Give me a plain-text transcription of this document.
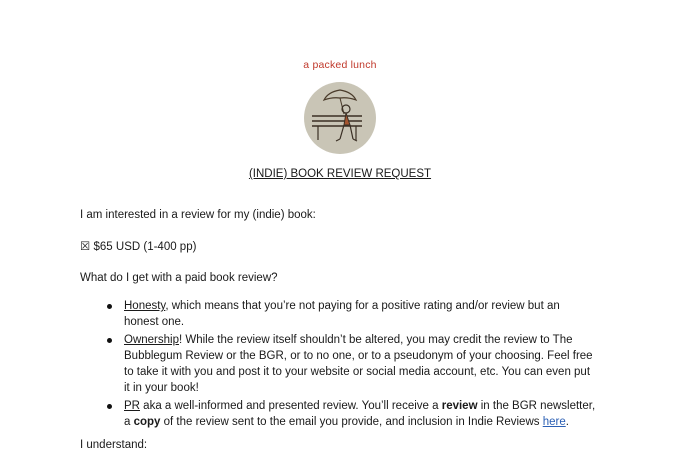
a packed lunch
(INDIE) BOOK REVIEW REQUEST
I am interested in a review for my (indie) book:
☒ $65 USD (1-400 pp)
What do I get with a paid book review?
Honesty, which means that you’re not paying for a positive rating and/or review but an honest one.
Ownership! While the review itself shouldn’t be altered, you may credit the review to The Bubblegum Review or the BGR, or to no one, or to a pseudonym of your choosing. Feel free to take it with you and post it to your website or social media account, etc. You can even put it in your book!
PR aka a well-informed and presented review. You’ll receive a review in the BGR newsletter, a copy of the review sent to the email you provide, and inclusion in Indie Reviews here.
I understand:
